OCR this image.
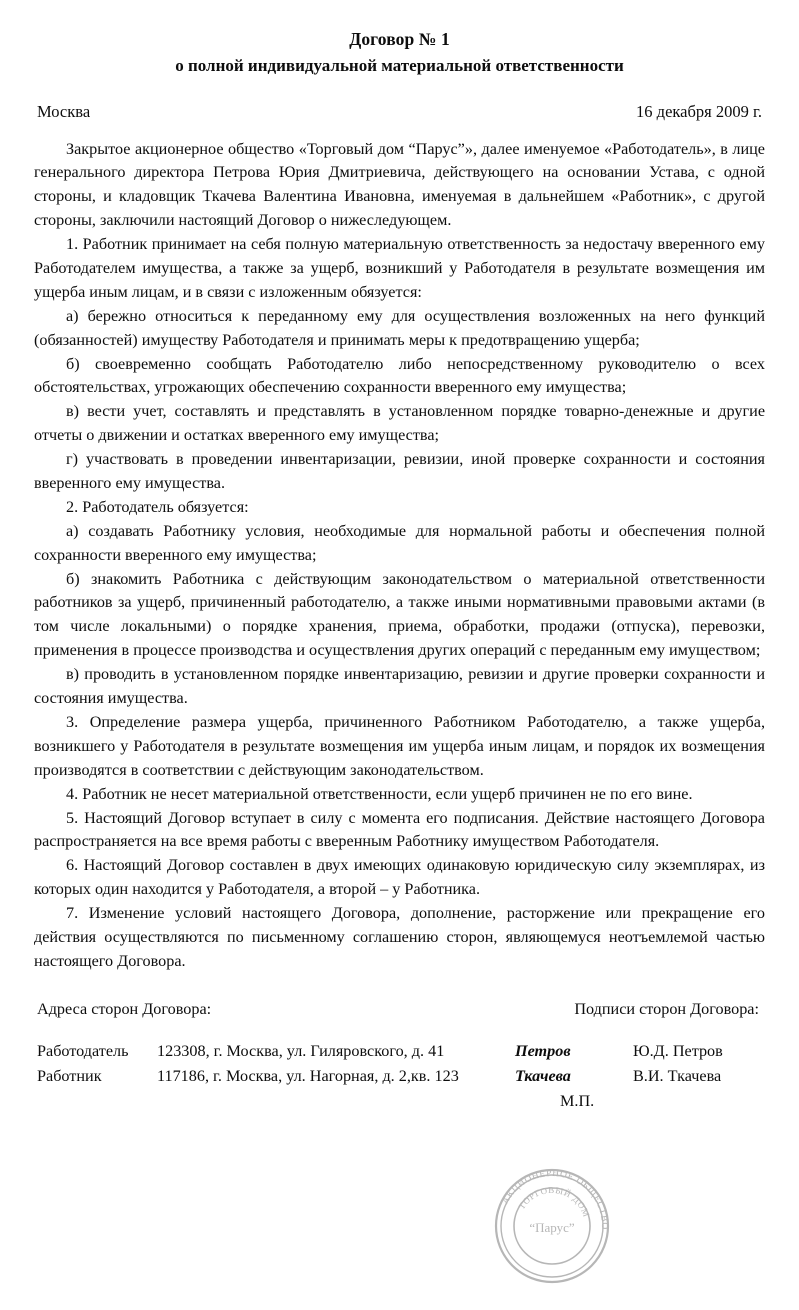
Договор № 1
о полной индивидуальной материальной ответственности
Москва	16 декабря 2009 г.

Закрытое акционерное общество «Торговый дом “Парус”», далее именуемое «Работодатель», в лице генерального директора Петрова Юрия Дмитриевича, действующего на основании Устава, с одной стороны, и кладовщик Ткачева Валентина Ивановна, именуемая в дальнейшем «Работник», с другой стороны, заключили настоящий Договор о нижеследующем.

1. Работник принимает на себя полную материальную ответственность за недостачу вверенного ему Работодателем имущества, а также за ущерб, возникший у Работодателя в результате возмещения им ущерба иным лицам, и в связи с изложенным обязуется:

а) бережно относиться к переданному ему для осуществления возложенных на него функций (обязанностей) имуществу Работодателя и принимать меры к предотвращению ущерба;

б) своевременно сообщать Работодателю либо непосредственному руководителю о всех обстоятельствах, угрожающих обеспечению сохранности вверенного ему имущества;

в) вести учет, составлять и представлять в установленном порядке товарно-денежные и другие отчеты о движении и остатках вверенного ему имущества;

г) участвовать в проведении инвентаризации, ревизии, иной проверке сохранности и состояния вверенного ему имущества.

2. Работодатель обязуется:

а) создавать Работнику условия, необходимые для нормальной работы и обеспечения полной сохранности вверенного ему имущества;

б) знакомить Работника с действующим законодательством о материальной ответственности работников за ущерб, причиненный работодателю, а также иными нормативными правовыми актами (в том числе локальными) о порядке хранения, приема, обработки, продажи (отпуска), перевозки, применения в процессе производства и осуществления других операций с переданным ему имуществом;

в) проводить в установленном порядке инвентаризацию, ревизии и другие проверки сохранности и состояния имущества.

3. Определение размера ущерба, причиненного Работником Работодателю, а также ущерба, возникшего у Работодателя в результате возмещения им ущерба иным лицам, и порядок их возмещения производятся в соответствии с действующим законодательством.

4. Работник не несет материальной ответственности, если ущерб причинен не по его вине.

5. Настоящий Договор вступает в силу с момента его подписания. Действие настоящего Договора распространяется на все время работы с вверенным Работнику имуществом Работодателя.

6. Настоящий Договор составлен в двух имеющих одинаковую юридическую силу экземплярах, из которых один находится у Работодателя, а второй – у Работника.

7. Изменение условий настоящего Договора, дополнение, расторжение или прекращение его действия осуществляются по письменному соглашению сторон, являющемуся неотъемлемой частью настоящего Договора.

Адреса сторон Договора:	Подписи сторон Договора:
Работодатель	123308, г. Москва, ул. Гиляровского, д. 41	Петров	Ю.Д. Петров
Работник	117186, г. Москва, ул. Нагорная, д. 2,кв. 123	Ткачева	В.И. Ткачева
М.П.
АКЦИОНЕРНОЕ ОБЩЕСТВО
ТОРГОВЫЙ ДОМ
“Парус”
